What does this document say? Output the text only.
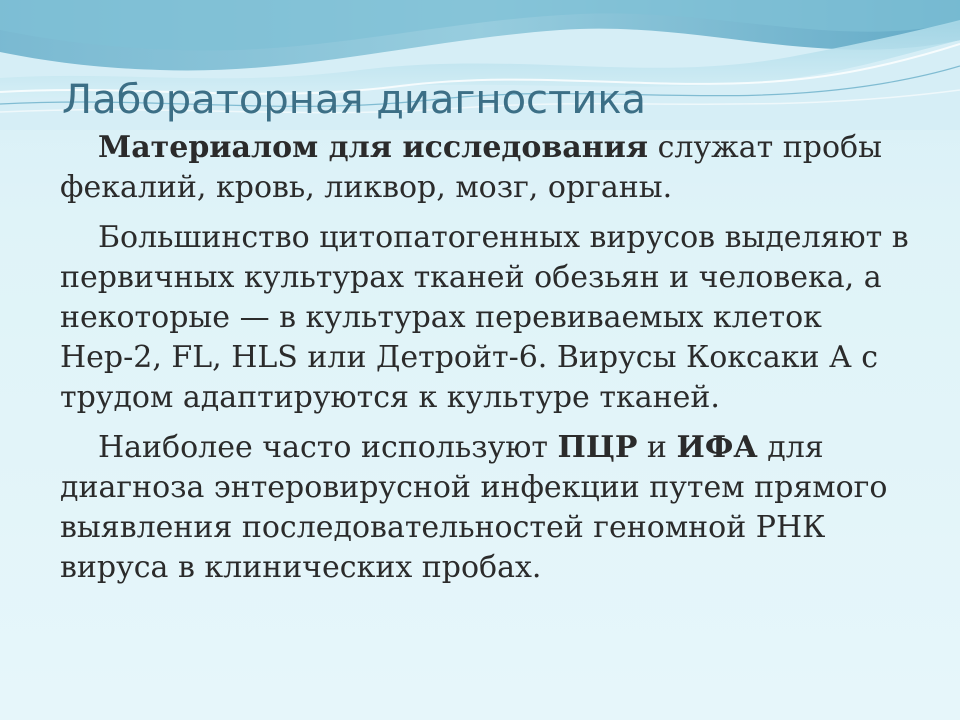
Лабораторная диагностика

Материалом для исследования служат пробы фекалий, кровь, ликвор, мозг, органы.

Большинство цитопатогенных вирусов выделяют в первичных культурах тканей обезьян и человека, а некоторые — в культурах перевиваемых клеток Нер-2, FL, HLS или Детройт-6. Вирусы Коксаки А с трудом адаптируются к культуре тканей.

Наиболее часто используют ПЦР и ИФА для диагноза энтеровирусной инфекции путем прямого выявления последовательностей геномной РНК вируса в клинических пробах.
